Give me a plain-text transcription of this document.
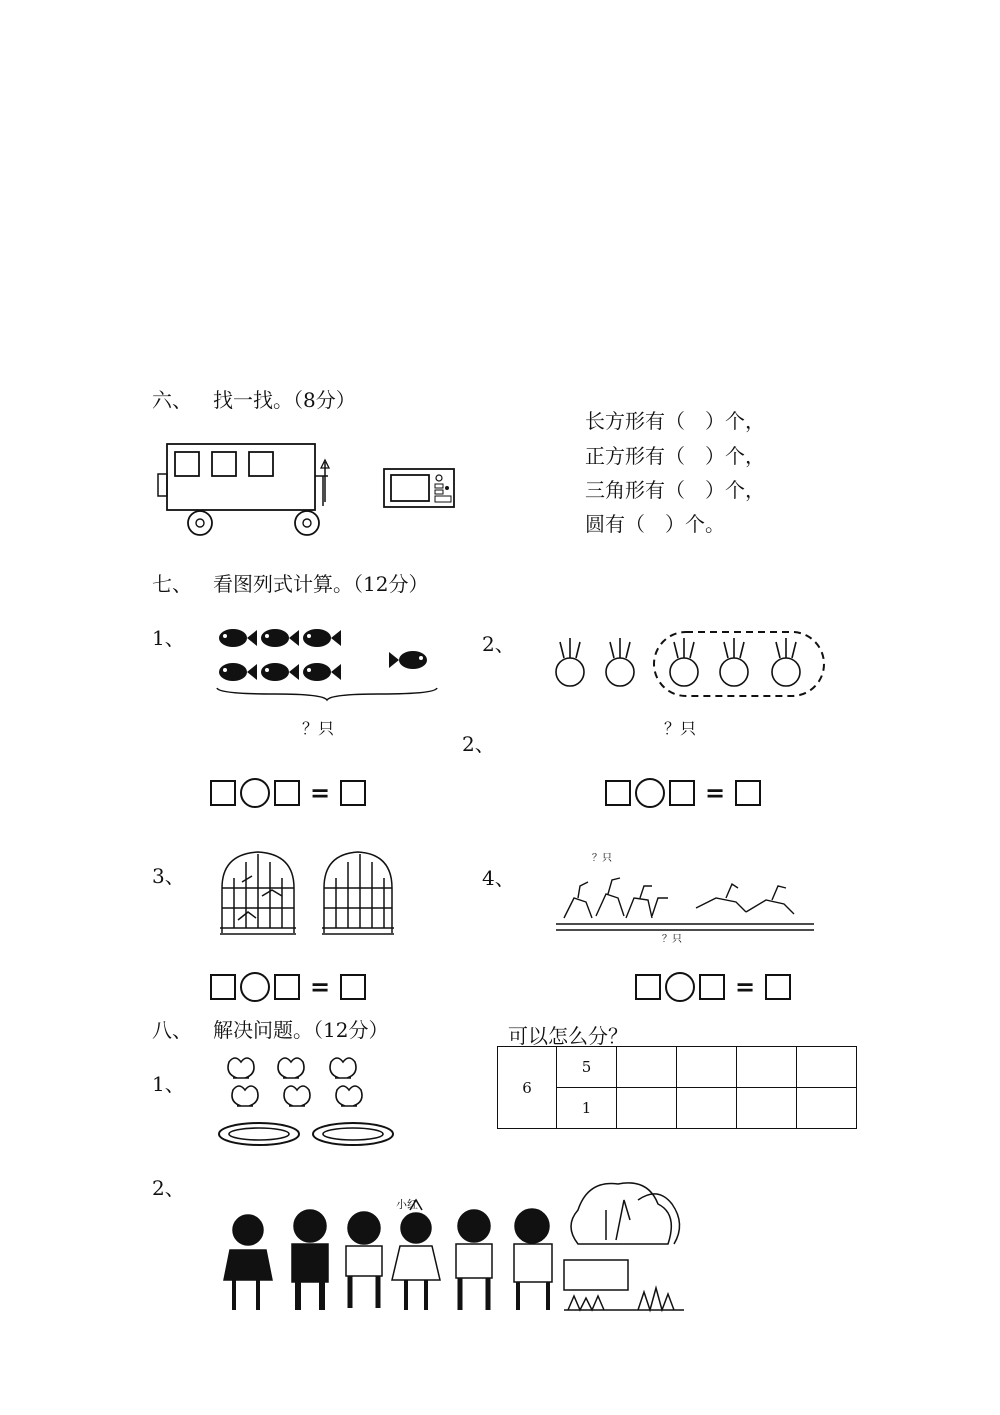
六、 找一找。（8分）
长方形有（　）个，
正方形有（　）个，
三角形有（　）个，
圆有（　）个。
七、 看图列式计算。（12分）
1、
？只
2、
？只
2、
=	=
3、	4、
？只
？只
=	=
八、 解决问题。（12分）	可以怎么分？
1、	6	5				
	1				
2、
小红
